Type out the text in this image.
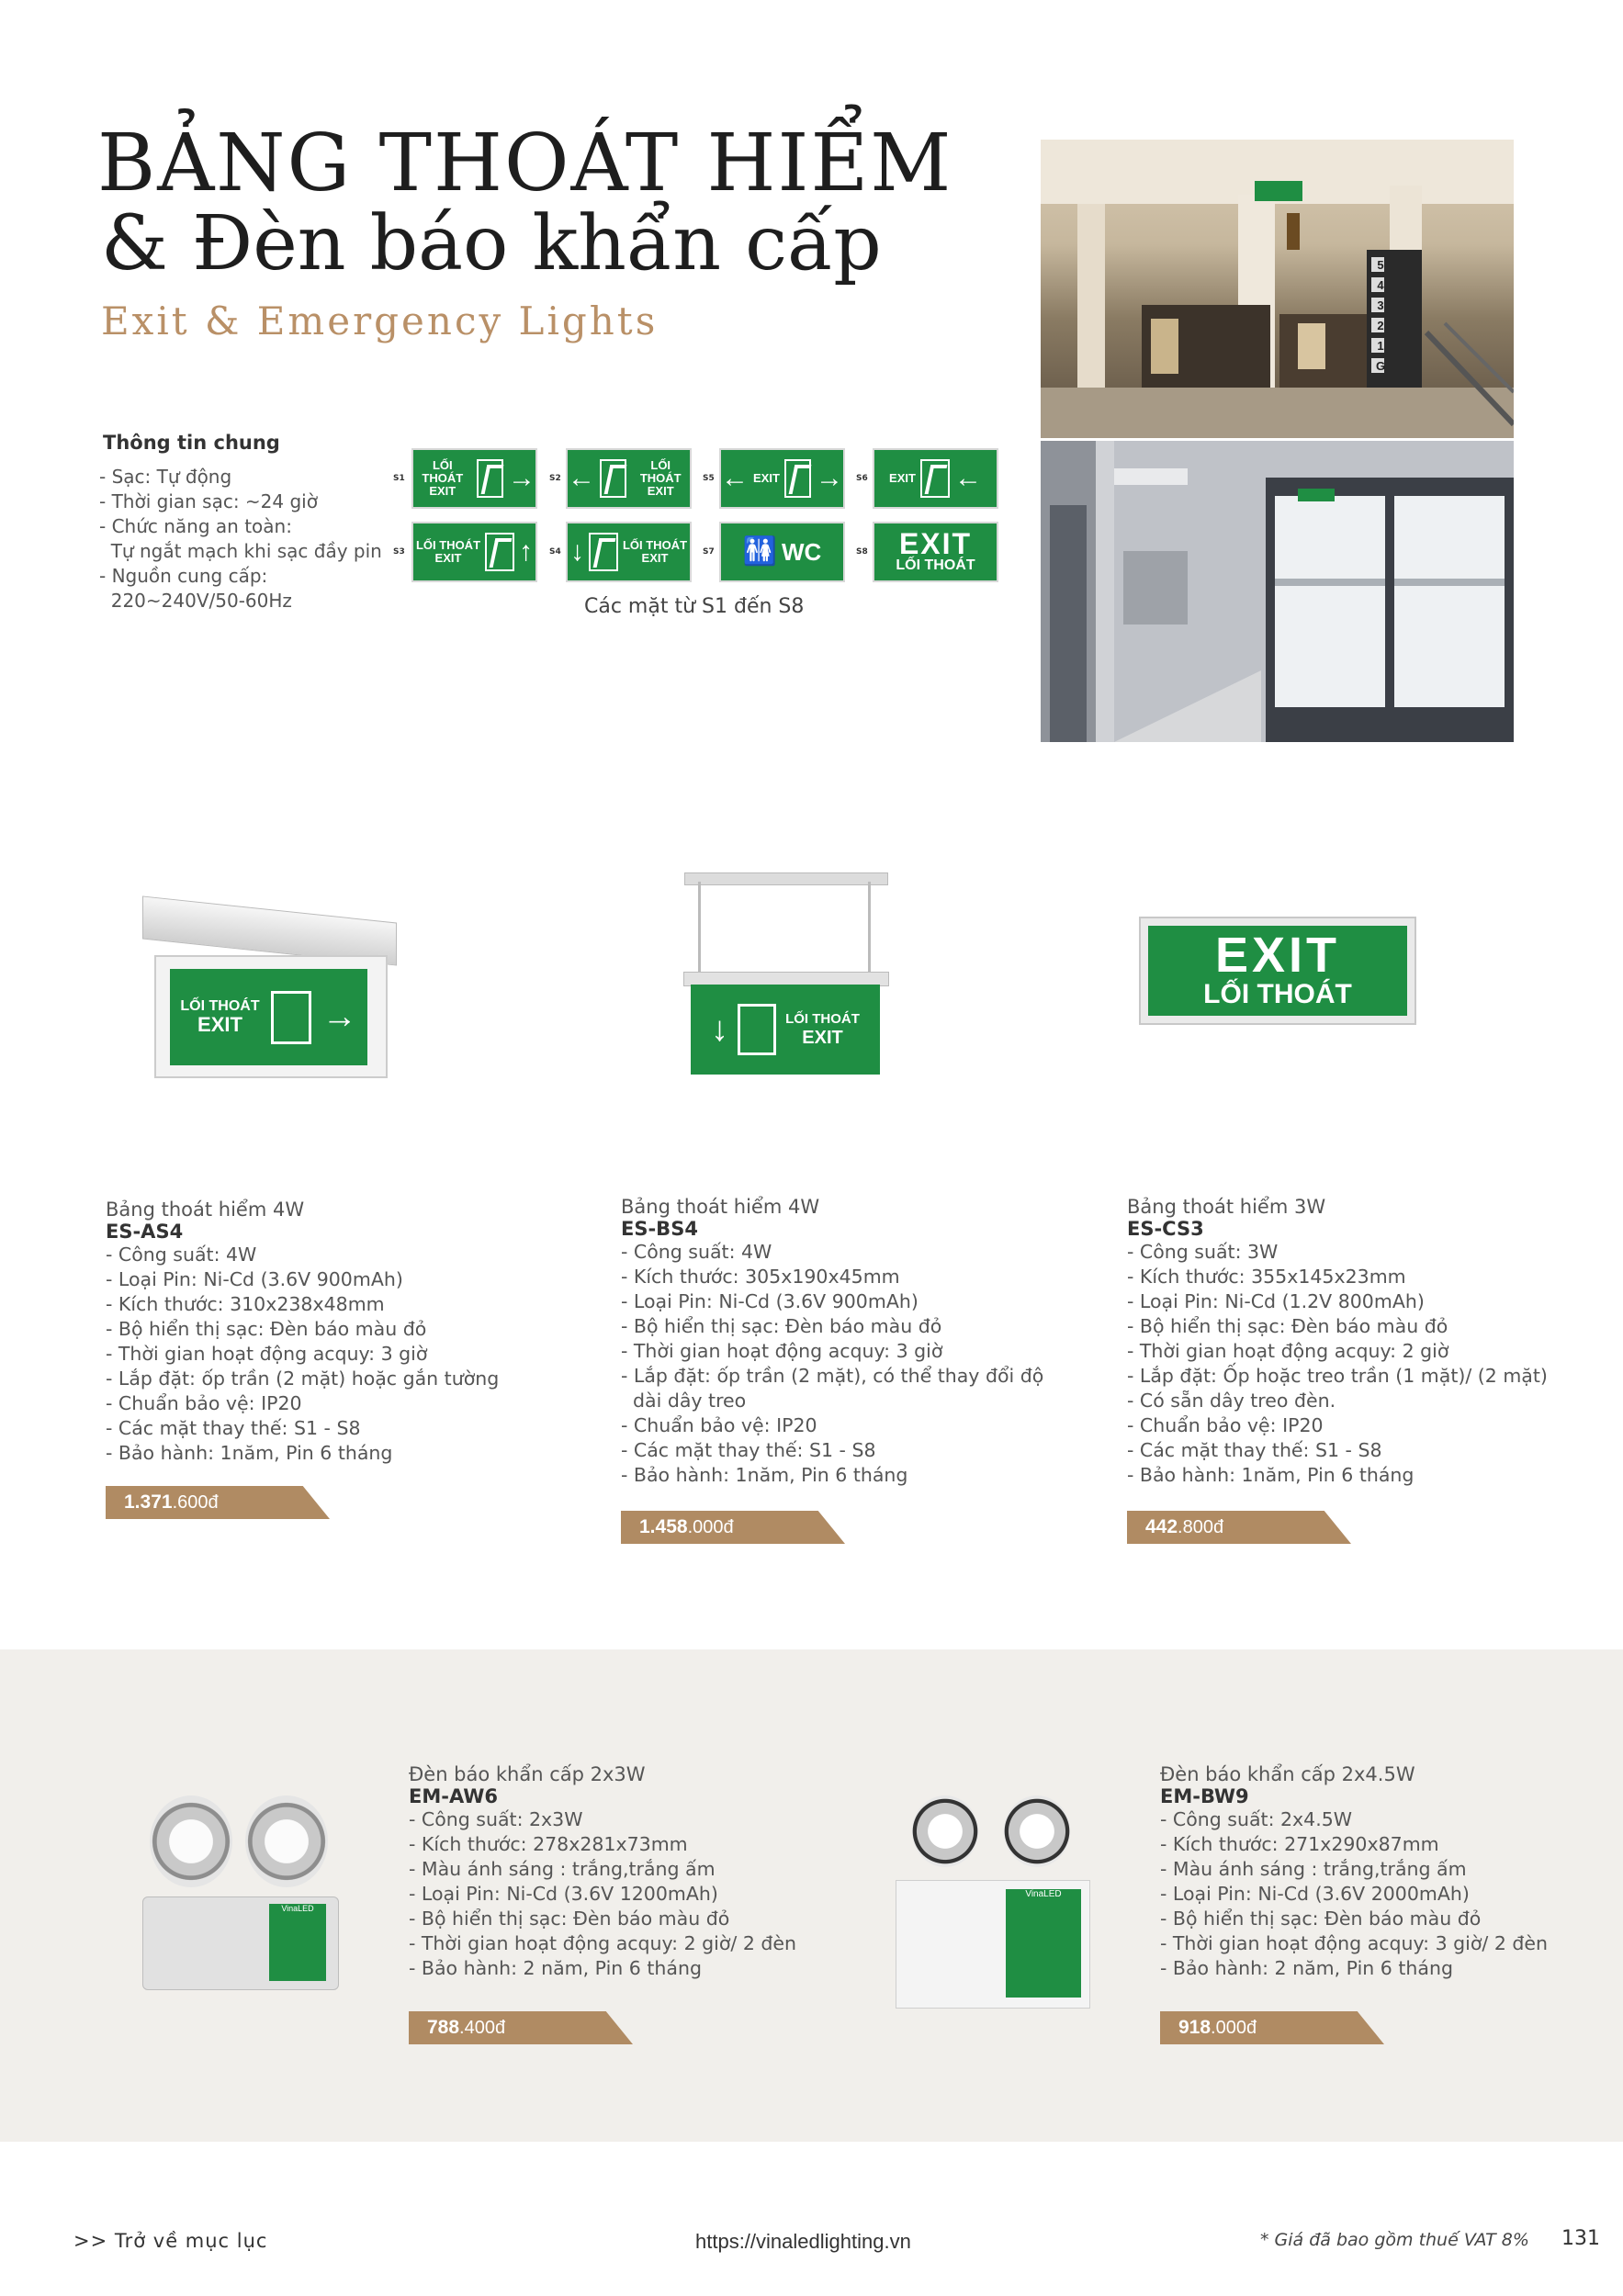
BẢNG THOÁT HIỂM
& Đèn báo khẩn cấp
Exit & Emergency Lights
Thông tin chung
- Sạc: Tự động
- Thời gian sạc: ~24 giờ
- Chức năng an toàn:
Tự ngắt mạch khi sạc đầy pin
- Nguồn cung cấp:
220~240V/50-60Hz
S1
LỐI THOÁT
EXIT	→ S2 ←	LỐI THOÁT
EXIT
S5 ← EXIT → S6 EXIT ←
S3 LỐI THOÁT
EXIT	↑ S4 ↓	LỐI THOÁT
EXIT	S7 🚻 WC	S8 EXIT
LỐI THOÁT
Các mặt từ S1 đến S8
5
4
3
2
1
G
LỐI THOÁT
EXIT	→	↓	LỐI THOÁT
EXIT
EXIT
LỐI THOÁT
Bảng thoát hiểm 4W
ES-AS4
- Công suất: 4W
- Loại Pin: Ni-Cd (3.6V 900mAh)
- Kích thước: 310x238x48mm
- Bộ hiển thị sạc: Đèn báo màu đỏ
- Thời gian hoạt động acquy: 3 giờ
- Lắp đặt: ốp trần (2 mặt) hoặc gắn tường
- Chuẩn bảo vệ: IP20
- Các mặt thay thế: S1 - S8
- Bảo hành: 1năm, Pin 6 tháng
1.371.600đ
Bảng thoát hiểm 4W
ES-BS4
- Công suất: 4W
- Kích thước: 305x190x45mm
- Loại Pin: Ni-Cd (3.6V 900mAh)
- Bộ hiển thị sạc: Đèn báo màu đỏ
- Thời gian hoạt động acquy: 3 giờ
- Lắp đặt: ốp trần (2 mặt), có thể thay đổi độ
dài dây treo
- Chuẩn bảo vệ: IP20
- Các mặt thay thế: S1 - S8
- Bảo hành: 1năm, Pin 6 tháng
1.458.000đ
Bảng thoát hiểm 3W
ES-CS3
- Công suất: 3W
- Kích thước: 355x145x23mm
- Loại Pin: Ni-Cd (1.2V 800mAh)
- Bộ hiển thị sạc: Đèn báo màu đỏ
- Thời gian hoạt động acquy: 2 giờ
- Lắp đặt: Ốp hoặc treo trần (1 mặt)/ (2 mặt)
- Có sẵn dây treo đèn.
- Chuẩn bảo vệ: IP20
- Các mặt thay thế: S1 - S8
- Bảo hành: 1năm, Pin 6 tháng
442.800đ
VinaLED
Đèn báo khẩn cấp 2x3W
EM-AW6
- Công suất: 2x3W
- Kích thước: 278x281x73mm
- Màu ánh sáng : trắng,trắng ấm
- Loại Pin: Ni-Cd (3.6V 1200mAh)
- Bộ hiển thị sạc: Đèn báo màu đỏ
- Thời gian hoạt động acquy: 2 giờ/ 2 đèn
- Bảo hành: 2 năm, Pin 6 tháng
788.400đ
VinaLED
Đèn báo khẩn cấp 2x4.5W
EM-BW9
- Công suất: 2x4.5W
- Kích thước: 271x290x87mm
- Màu ánh sáng : trắng,trắng ấm
- Loại Pin: Ni-Cd (3.6V 2000mAh)
- Bộ hiển thị sạc: Đèn báo màu đỏ
- Thời gian hoạt động acquy: 3 giờ/ 2 đèn
- Bảo hành: 2 năm, Pin 6 tháng
918.000đ
>> Trở về mục lục	https://vinaledlighting.vn	* Giá đã bao gồm thuế VAT 8% 131
